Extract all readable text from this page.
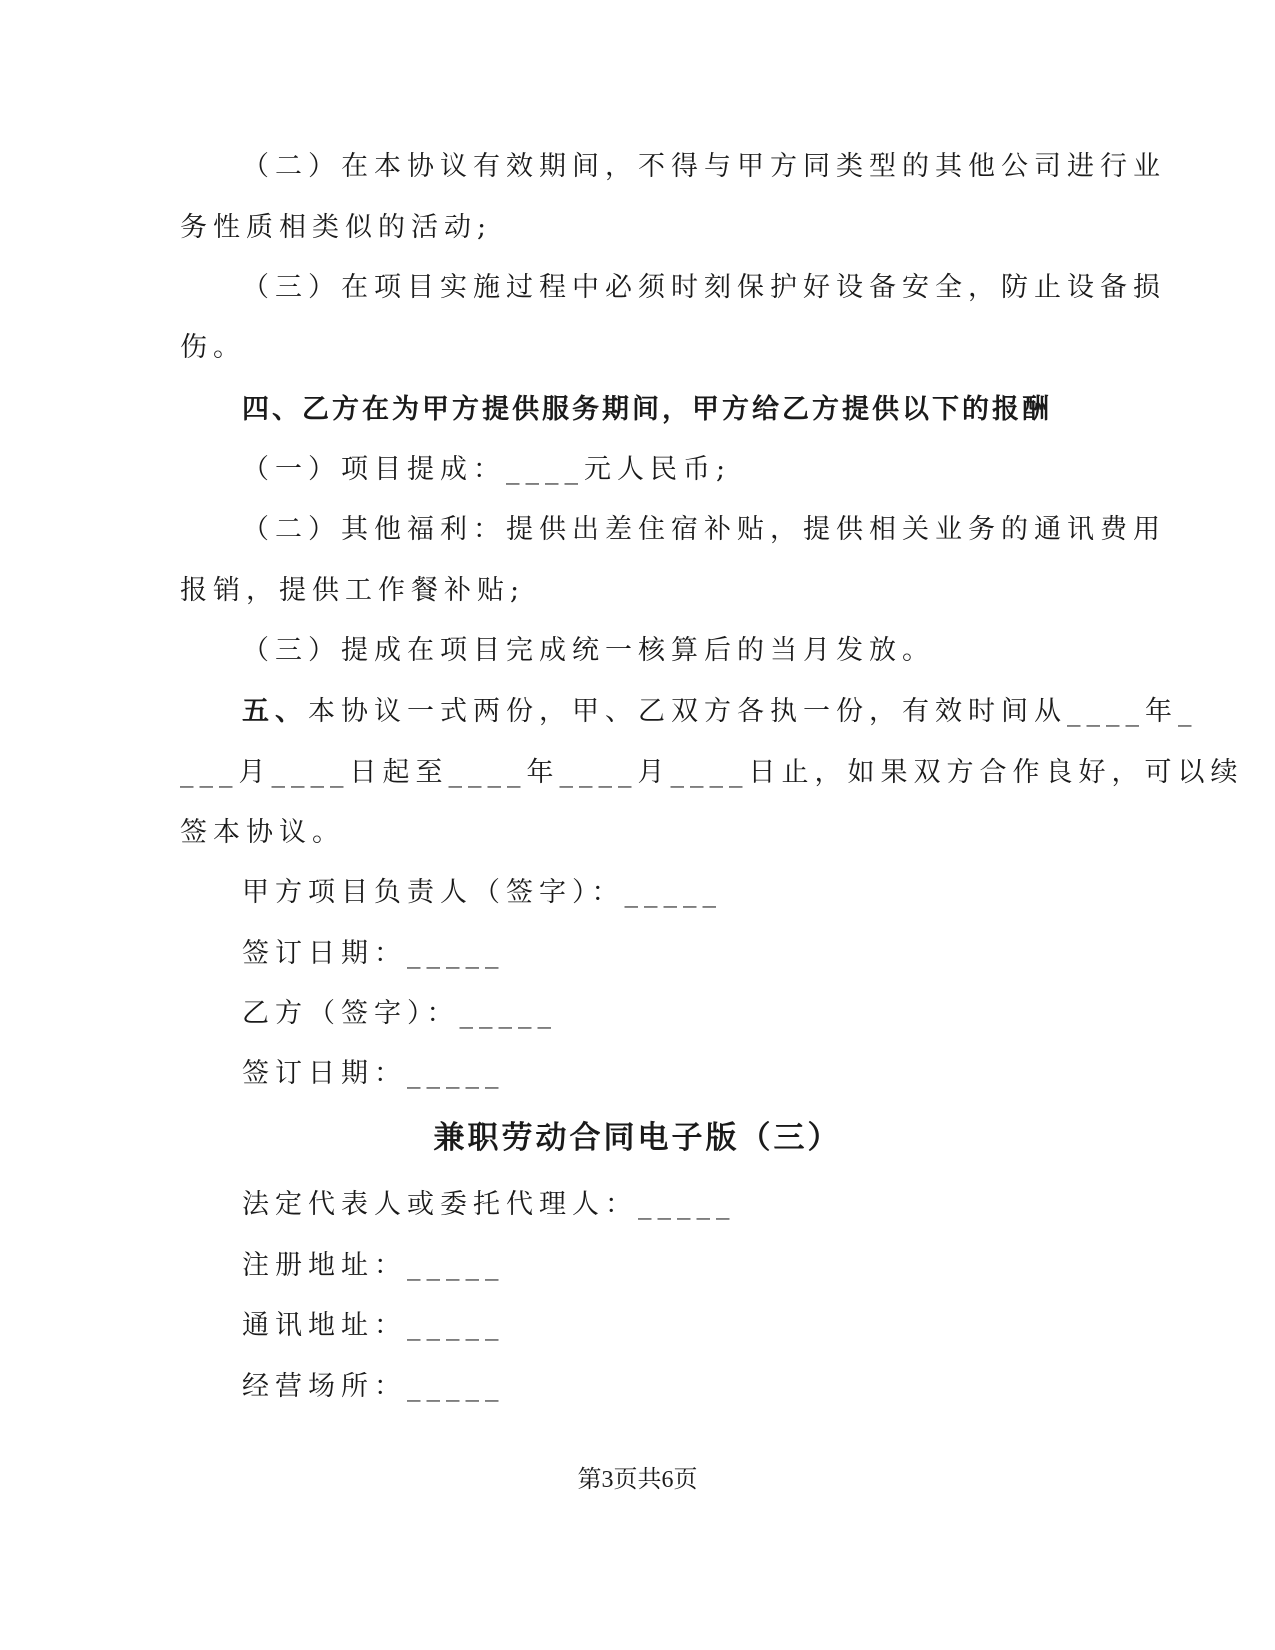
（二）在本协议有效期间，不得与甲方同类型的其他公司进行业
务性质相类似的活动;
（三）在项目实施过程中必须时刻保护好设备安全，防止设备损
伤。
四、乙方在为甲方提供服务期间，甲方给乙方提供以下的报酬
（一）项目提成：____元人民币;
（二）其他福利：提供出差住宿补贴，提供相关业务的通讯费用
报销，提供工作餐补贴;
（三）提成在项目完成统一核算后的当月发放。
五、本协议一式两份，甲、乙双方各执一份，有效时间从____年_
___月____日起至____年____月____日止，如果双方合作良好，可以续
签本协议。
甲方项目负责人（签字）：_____
签订日期：_____
乙方（签字）：_____
签订日期：_____
兼职劳动合同电子版（三）
法定代表人或委托代理人：_____
注册地址：_____
通讯地址：_____
经营场所：_____
第3页共6页
